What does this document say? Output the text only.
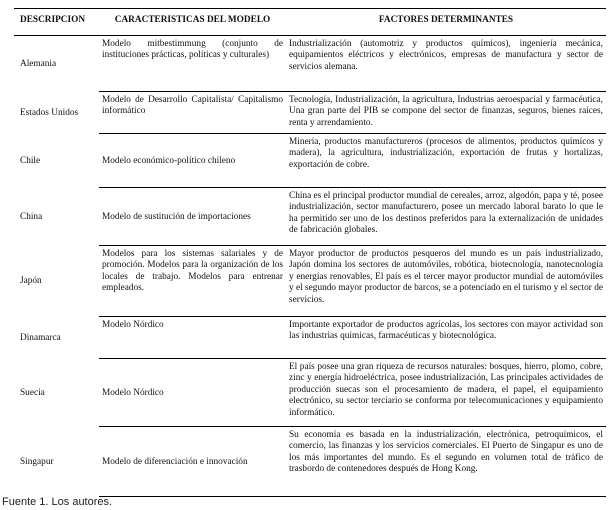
DESCRIPCION	CARACTERISTICAS DEL MODELO	FACTORES DETERMINANTES
Alemania	Modelo mitbestimmung (conjunto de instituciones prácticas, políticas y culturales)	Industrialización (automotriz y productos químicos), ingeniería mecánica, equipamientos eléctricos y electrónicos, empresas de manufactura y sector de servicios alemana.
Estados Unidos	Modelo de Desarrollo Capitalista/ Capitalismo informático	Tecnología, Industrialización, la agricultura, Industrias aeroespacial y farmacéutica, Una gran parte del PIB se compone del sector de finanzas, seguros, bienes raíces, renta y arrendamiento.
Chile	Modelo económico-político chileno	Minería, productos manufactureros (procesos de alimentos, productos químicos y madera), la agricultura, industrialización, exportación de frutas y hortalizas, exportación de cobre.
China	Modelo de sustitución de importaciones	China es el principal productor mundial de cereales, arroz, algodón, papa y té, posee industrialización, sector manufacturero, posee un mercado laboral barato lo que le ha permitido ser uno de los destinos preferidos para la externalización de unidades de fabricación globales.
Japón	Modelos para los sistemas salariales y de promoción. Modelos para la organización de los locales de trabajo. Modelos para entrenar empleados.	Mayor productor de productos pesqueros del mundo es un país industrializado, Japón domina los sectores de automóviles, robótica, biotecnología, nanotecnología y energías renovables, El país es el tercer mayor productor mundial de automóviles y el segundo mayor productor de barcos, se a potenciado en el turismo y el sector de servicios.
Dinamarca	Modelo Nórdico	Importante exportador de productos agrícolas, los sectores con mayor actividad son las industrias químicas, farmacéuticas y biotecnológica.
Suecia	Modelo Nórdico	El país posee una gran riqueza de recursos naturales: bosques, hierro, plomo, cobre, zinc y energía hidroeléctrica, posee industrialización, Las principales actividades de producción suecas son el procesamiento de madera, el papel, el equipamiento electrónico, su sector terciario se conforma por telecomunicaciones y equipamiento informático.
Singapur	Modelo de diferenciación e innovación	Su economía es basada en la industrialización, electrónica, petroquímicos, el comercio, las finanzas y los servicios comerciales. El Puerto de Singapur es uno de los más importantes del mundo. Es el segundo en volumen total de tráfico de trasbordo de contenedores después de Hong Kong.
Fuente 1. Los autores.
